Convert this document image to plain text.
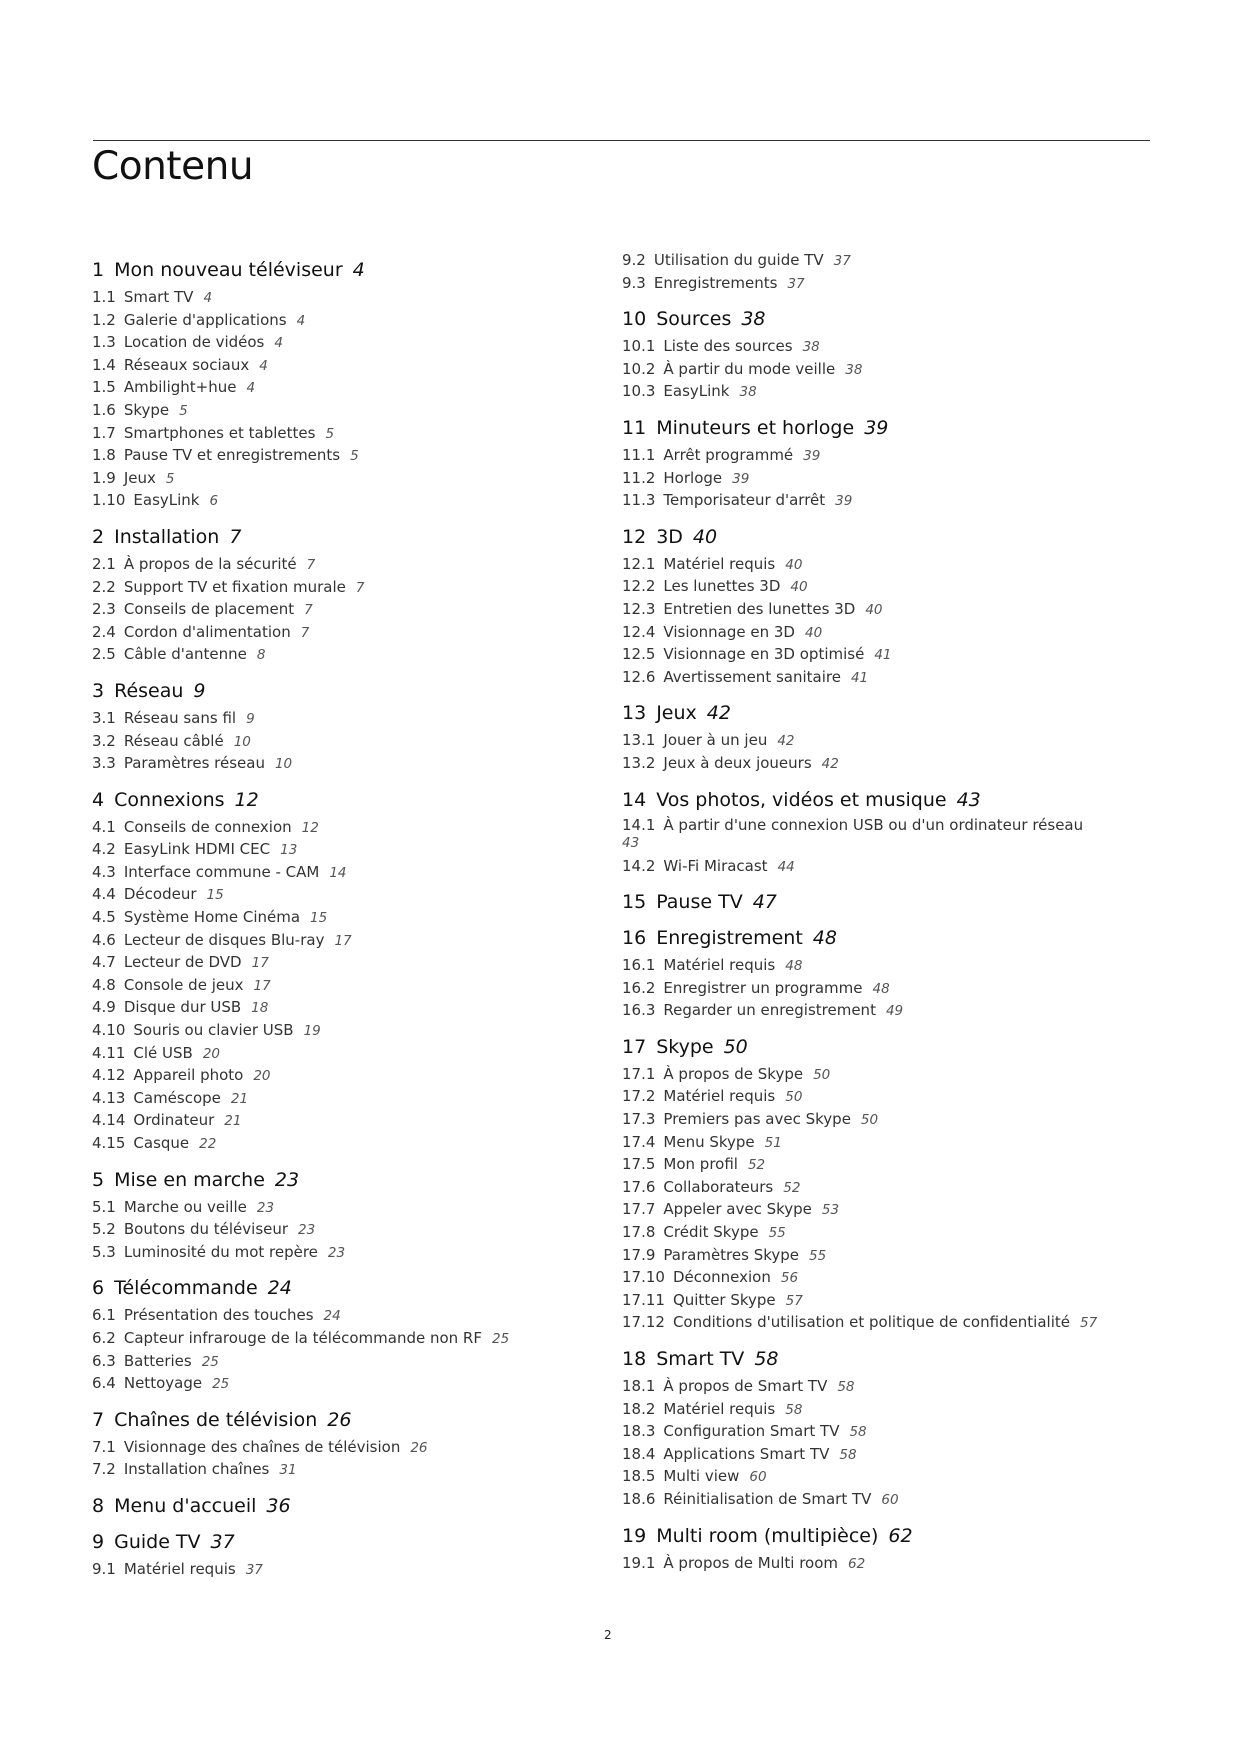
Contenu
1 Mon nouveau téléviseur 4
1.1 Smart TV 4
1.2 Galerie d'applications 4
1.3 Location de vidéos 4
1.4 Réseaux sociaux 4
1.5 Ambilight+hue 4
1.6 Skype 5
1.7 Smartphones et tablettes 5
1.8 Pause TV et enregistrements 5
1.9 Jeux 5
1.10 EasyLink 6
2 Installation 7
2.1 À propos de la sécurité 7
2.2 Support TV et fixation murale 7
2.3 Conseils de placement 7
2.4 Cordon d'alimentation 7
2.5 Câble d'antenne 8
3 Réseau 9
3.1 Réseau sans fil 9
3.2 Réseau câblé 10
3.3 Paramètres réseau 10
4 Connexions 12
4.1 Conseils de connexion 12
4.2 EasyLink HDMI CEC 13
4.3 Interface commune - CAM 14
4.4 Décodeur 15
4.5 Système Home Cinéma 15
4.6 Lecteur de disques Blu-ray 17
4.7 Lecteur de DVD 17
4.8 Console de jeux 17
4.9 Disque dur USB 18
4.10 Souris ou clavier USB 19
4.11 Clé USB 20
4.12 Appareil photo 20
4.13 Caméscope 21
4.14 Ordinateur 21
4.15 Casque 22
5 Mise en marche 23
5.1 Marche ou veille 23
5.2 Boutons du téléviseur 23
5.3 Luminosité du mot repère 23
6 Télécommande 24
6.1 Présentation des touches 24
6.2 Capteur infrarouge de la télécommande non RF 25
6.3 Batteries 25
6.4 Nettoyage 25
7 Chaînes de télévision 26
7.1 Visionnage des chaînes de télévision 26
7.2 Installation chaînes 31
8 Menu d'accueil 36
9 Guide TV 37
9.1 Matériel requis 37
9.2 Utilisation du guide TV 37
9.3 Enregistrements 37
10 Sources 38
10.1 Liste des sources 38
10.2 À partir du mode veille 38
10.3 EasyLink 38
11 Minuteurs et horloge 39
11.1 Arrêt programmé 39
11.2 Horloge 39
11.3 Temporisateur d'arrêt 39
12 3D 40
12.1 Matériel requis 40
12.2 Les lunettes 3D 40
12.3 Entretien des lunettes 3D 40
12.4 Visionnage en 3D 40
12.5 Visionnage en 3D optimisé 41
12.6 Avertissement sanitaire 41
13 Jeux 42
13.1 Jouer à un jeu 42
13.2 Jeux à deux joueurs 42
14 Vos photos, vidéos et musique 43
14.1 À partir d'une connexion USB ou d'un ordinateur réseau
43
14.2 Wi-Fi Miracast 44
15 Pause TV 47
16 Enregistrement 48
16.1 Matériel requis 48
16.2 Enregistrer un programme 48
16.3 Regarder un enregistrement 49
17 Skype 50
17.1 À propos de Skype 50
17.2 Matériel requis 50
17.3 Premiers pas avec Skype 50
17.4 Menu Skype 51
17.5 Mon profil 52
17.6 Collaborateurs 52
17.7 Appeler avec Skype 53
17.8 Crédit Skype 55
17.9 Paramètres Skype 55
17.10 Déconnexion 56
17.11 Quitter Skype 57
17.12 Conditions d'utilisation et politique de confidentialité 57
18 Smart TV 58
18.1 À propos de Smart TV 58
18.2 Matériel requis 58
18.3 Configuration Smart TV 58
18.4 Applications Smart TV 58
18.5 Multi view 60
18.6 Réinitialisation de Smart TV 60
19 Multi room (multipièce) 62
19.1 À propos de Multi room 62
2
